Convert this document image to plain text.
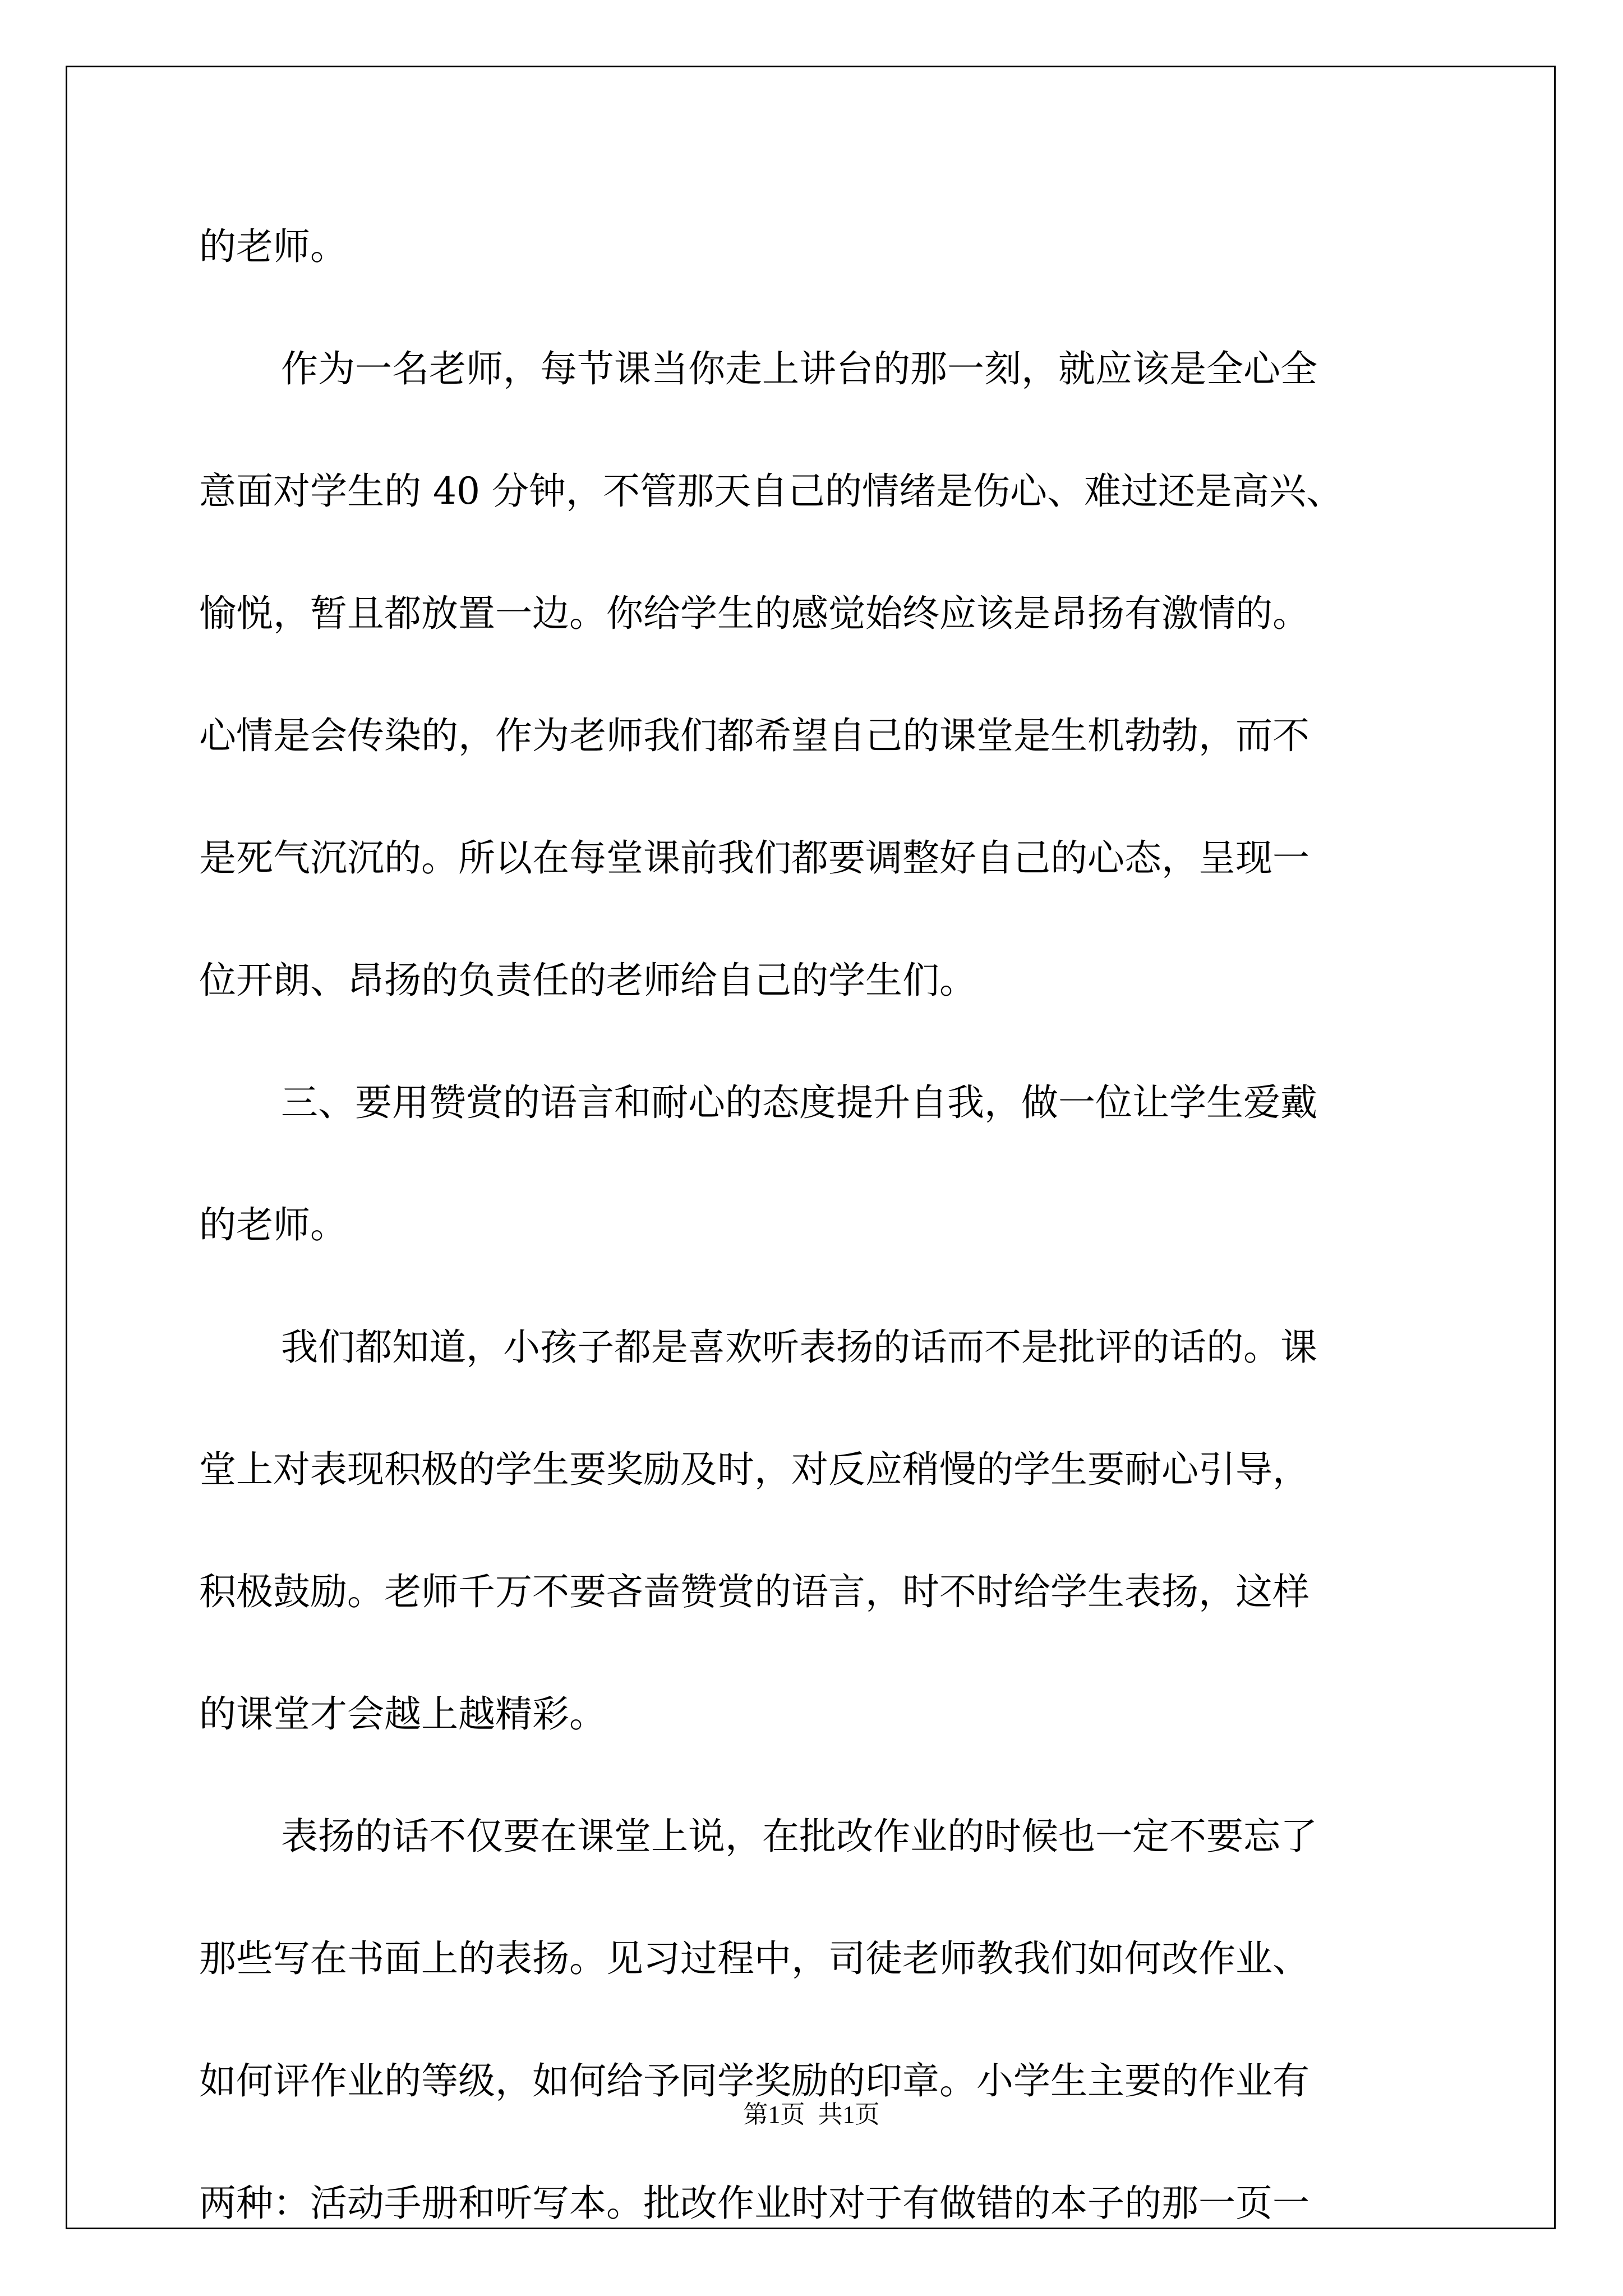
的老师。
作为一名老师，每节课当你走上讲台的那一刻，就应该是全心全
意面对学生的 40 分钟，不管那天自己的情绪是伤心、难过还是高兴、
愉悦，暂且都放置一边。你给学生的感觉始终应该是昂扬有激情的。
心情是会传染的，作为老师我们都希望自己的课堂是生机勃勃，而不
是死气沉沉的。所以在每堂课前我们都要调整好自己的心态，呈现一
位开朗、昂扬的负责任的老师给自己的学生们。
三、要用赞赏的语言和耐心的态度提升自我，做一位让学生爱戴
的老师。
我们都知道，小孩子都是喜欢听表扬的话而不是批评的话的。课
堂上对表现积极的学生要奖励及时，对反应稍慢的学生要耐心引导，
积极鼓励。老师千万不要吝啬赞赏的语言，时不时给学生表扬，这样
的课堂才会越上越精彩。
表扬的话不仅要在课堂上说，在批改作业的时候也一定不要忘了
那些写在书面上的表扬。见习过程中，司徒老师教我们如何改作业、
如何评作业的等级，如何给予同学奖励的印章。小学生主要的作业有
两种：活动手册和听写本。批改作业时对于有做错的本子的那一页一
第1页 共1页
